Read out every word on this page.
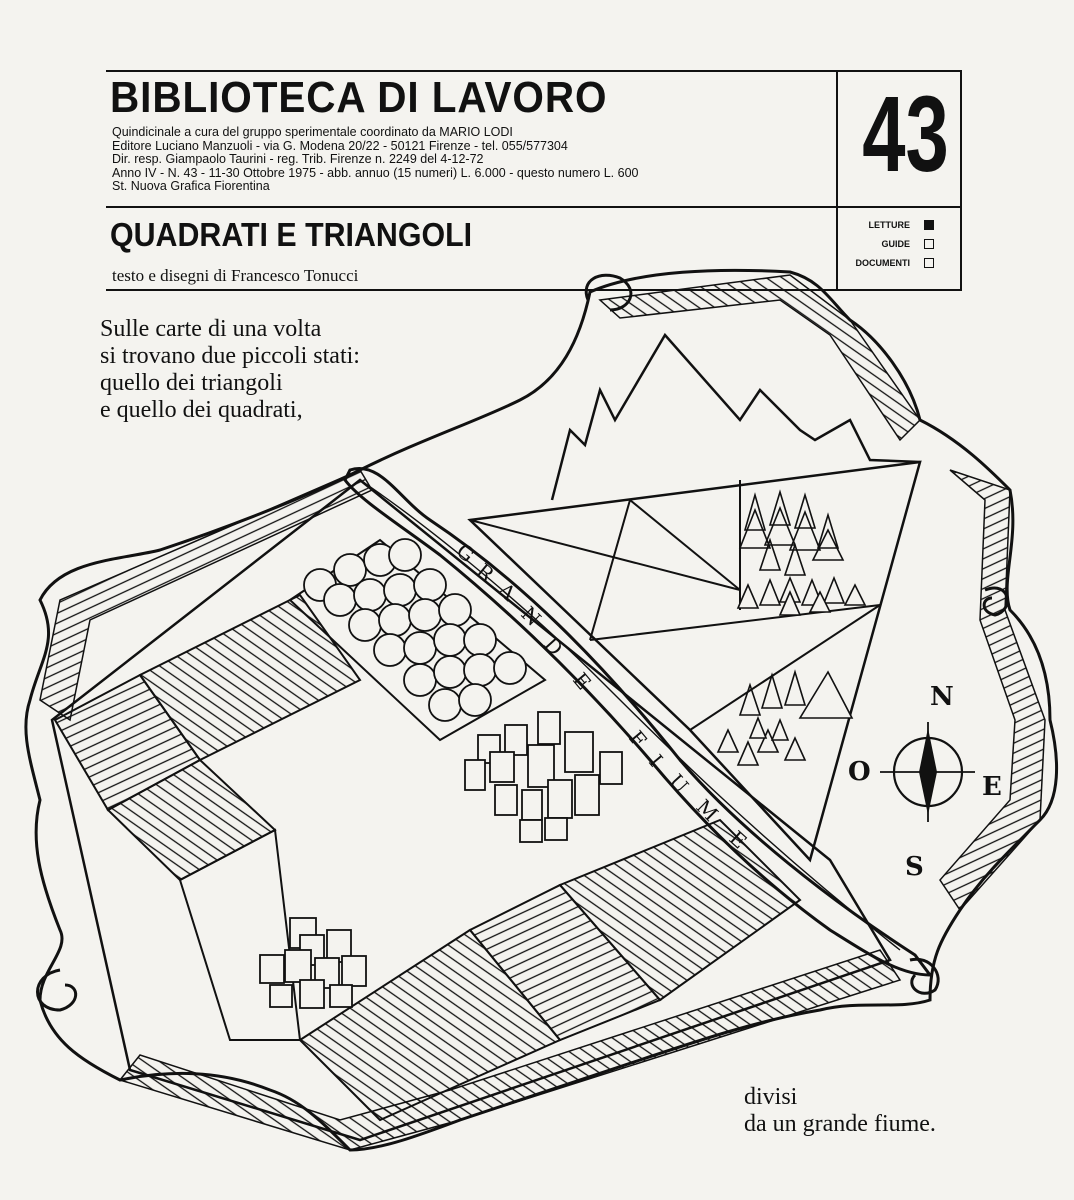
BIBLIOTECA DI LAVORO
Quindicinale a cura del gruppo sperimentale coordinato da MARIO LODI
Editore Luciano Manzuoli - via G. Modena 20/22 - 50121 Firenze - tel. 055/577304
Dir. resp. Giampaolo Taurini - reg. Trib. Firenze n. 2249 del 4-12-72
Anno IV - N. 43 - 11-30 Ottobre 1975 - abb. annuo (15 numeri) L. 6.000 - questo numero L. 600
St. Nuova Grafica Fiorentina	43
QUADRATI E TRIANGOLI
testo e disegni di Francesco Tonucci
LETTURE
GUIDE
DOCUMENTI
G
R
A
N
D
E
F
I
U
M
E
N
O	E
S
Sulle carte di una volta
si trovano due piccoli stati:
quello dei triangoli
e quello dei quadrati,
divisi
da un grande fiume.
